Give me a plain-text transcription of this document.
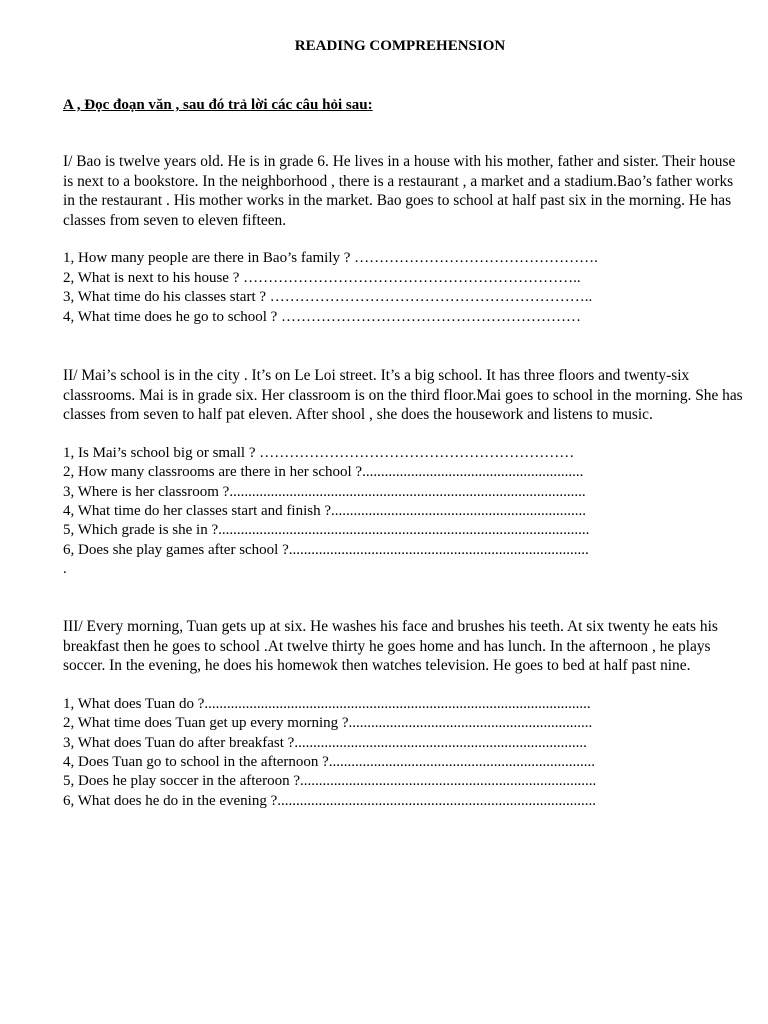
READING COMPREHENSION
A , Đọc đoạn văn , sau đó trả lời các câu hỏi sau:

I/ Bao is twelve years old. He is in grade 6. He lives in a house with his mother, father and sister. Their house is next to a bookstore. In the neighborhood , there is a restaurant , a market and a stadium.Bao’s father works in the restaurant . His mother works in the market. Bao goes to school at half past six in the morning. He has classes from seven to eleven fifteen.

1, How many people are there in Bao’s family ? ………………………………………….
2, What is next to his house ? …………………………………………………………..
3, What time do his classes start ? ………………………………………………………..
4, What time does he go to school ? ……………………………………………………

II/ Mai’s school is in the city . It’s on Le Loi street. It’s a big school. It has three floors and twenty-six classrooms. Mai is in grade six. Her classroom is on the third floor.Mai goes to school in the morning. She has classes from seven to half pat eleven. After shool , she does the housework and listens to music.

1, Is Mai’s school big or small ? ………………………………………………………
2, How many classrooms are there in her school ?...........................................................
3, Where is her classroom ?...............................................................................................
4, What time do her classes start and finish ?....................................................................
5, Which grade is she in ?...................................................................................................
6, Does she play games after school ?................................................................................
.

III/ Every morning, Tuan gets up at six. He washes his face and brushes his teeth. At six twenty he eats his breakfast then he goes to school .At twelve thirty he goes home and has lunch. In the afternoon , he plays soccer. In the evening, he does his homewok then watches television. He goes to bed at half past nine.

1, What does Tuan do ?.......................................................................................................
2, What time does Tuan get up every morning ?.................................................................
3, What does Tuan do after breakfast ?..............................................................................
4, Does Tuan go to school in the afternoon ?.......................................................................
5, Does he play soccer in the afteroon ?...............................................................................
6, What does he do in the evening ?.....................................................................................
